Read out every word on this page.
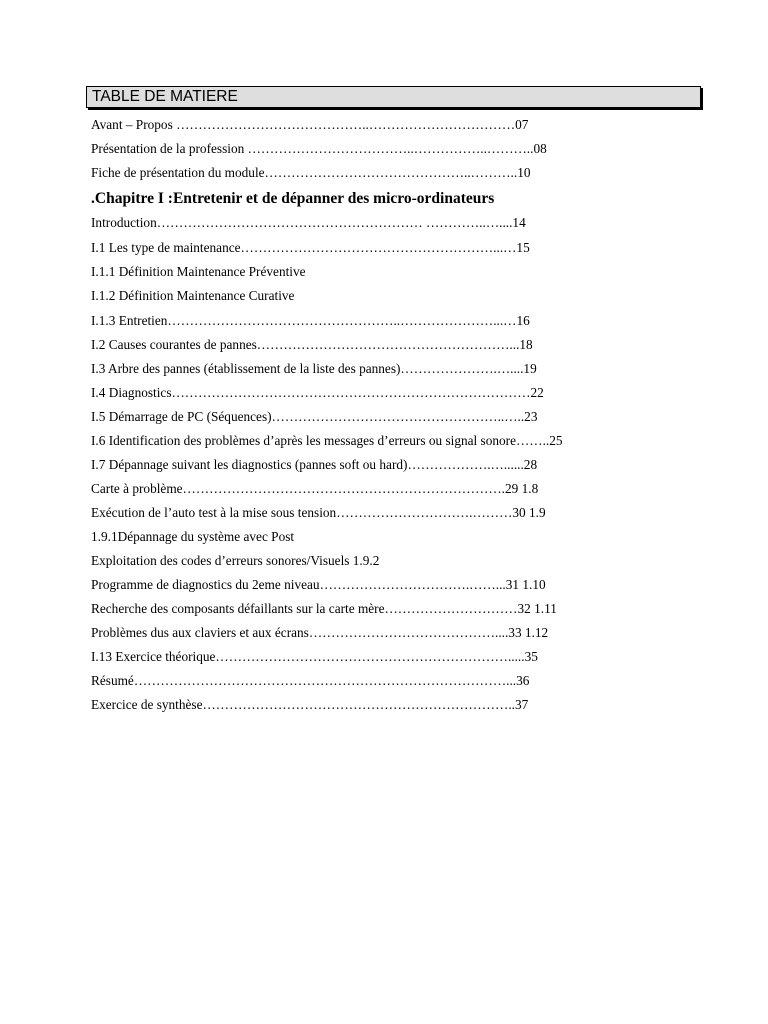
TABLE DE MATIERE
Avant – Propos ……………………………………..……………………………07
Présentation de la profession ………………………………..……………..………..08
Fiche de présentation du module………………………………………..………..10
.Chapitre I :Entretenir et de dépanner des micro-ordinateurs
Introduction…………………………………………………… …………..…....14
I.1 Les type de maintenance…………………………………………………...…15
I.1.1 Définition Maintenance Préventive
I.1.2 Définition Maintenance Curative
I.1.3 Entretien……………………………………………..…………………...…16
I.2 Causes courantes de pannes…………………………………………………...18
I.3 Arbre des pannes (établissement de la liste des pannes)………………….…....19
I.4 Diagnostics………………………………………………………………………22
I.5 Démarrage de PC (Séquences)……………………………………………..…..23
I.6 Identification des problèmes d’après les messages d’erreurs ou signal sonore……..25
I.7 Dépannage suivant les diagnostics (pannes soft ou hard)……………….…......28
Carte à problème……………………………………………………………….29 1.8
Exécution de l’auto test à la mise sous tension………………………….………30 1.9
1.9.1Dépannage du système avec Post
Exploitation des codes d’erreurs sonores/Visuels 1.9.2
Programme de diagnostics du 2eme niveau…………………………….……...31 1.10
Recherche des composants défaillants sur la carte mère…………………………32 1.11
Problèmes dus aux claviers et aux écrans……………………………………....33 1.12
I.13 Exercice théorique………………………………………………………….....35
Résumé…………………………………………………………………………...36
Exercice de synthèse……………………………………………………………..37
